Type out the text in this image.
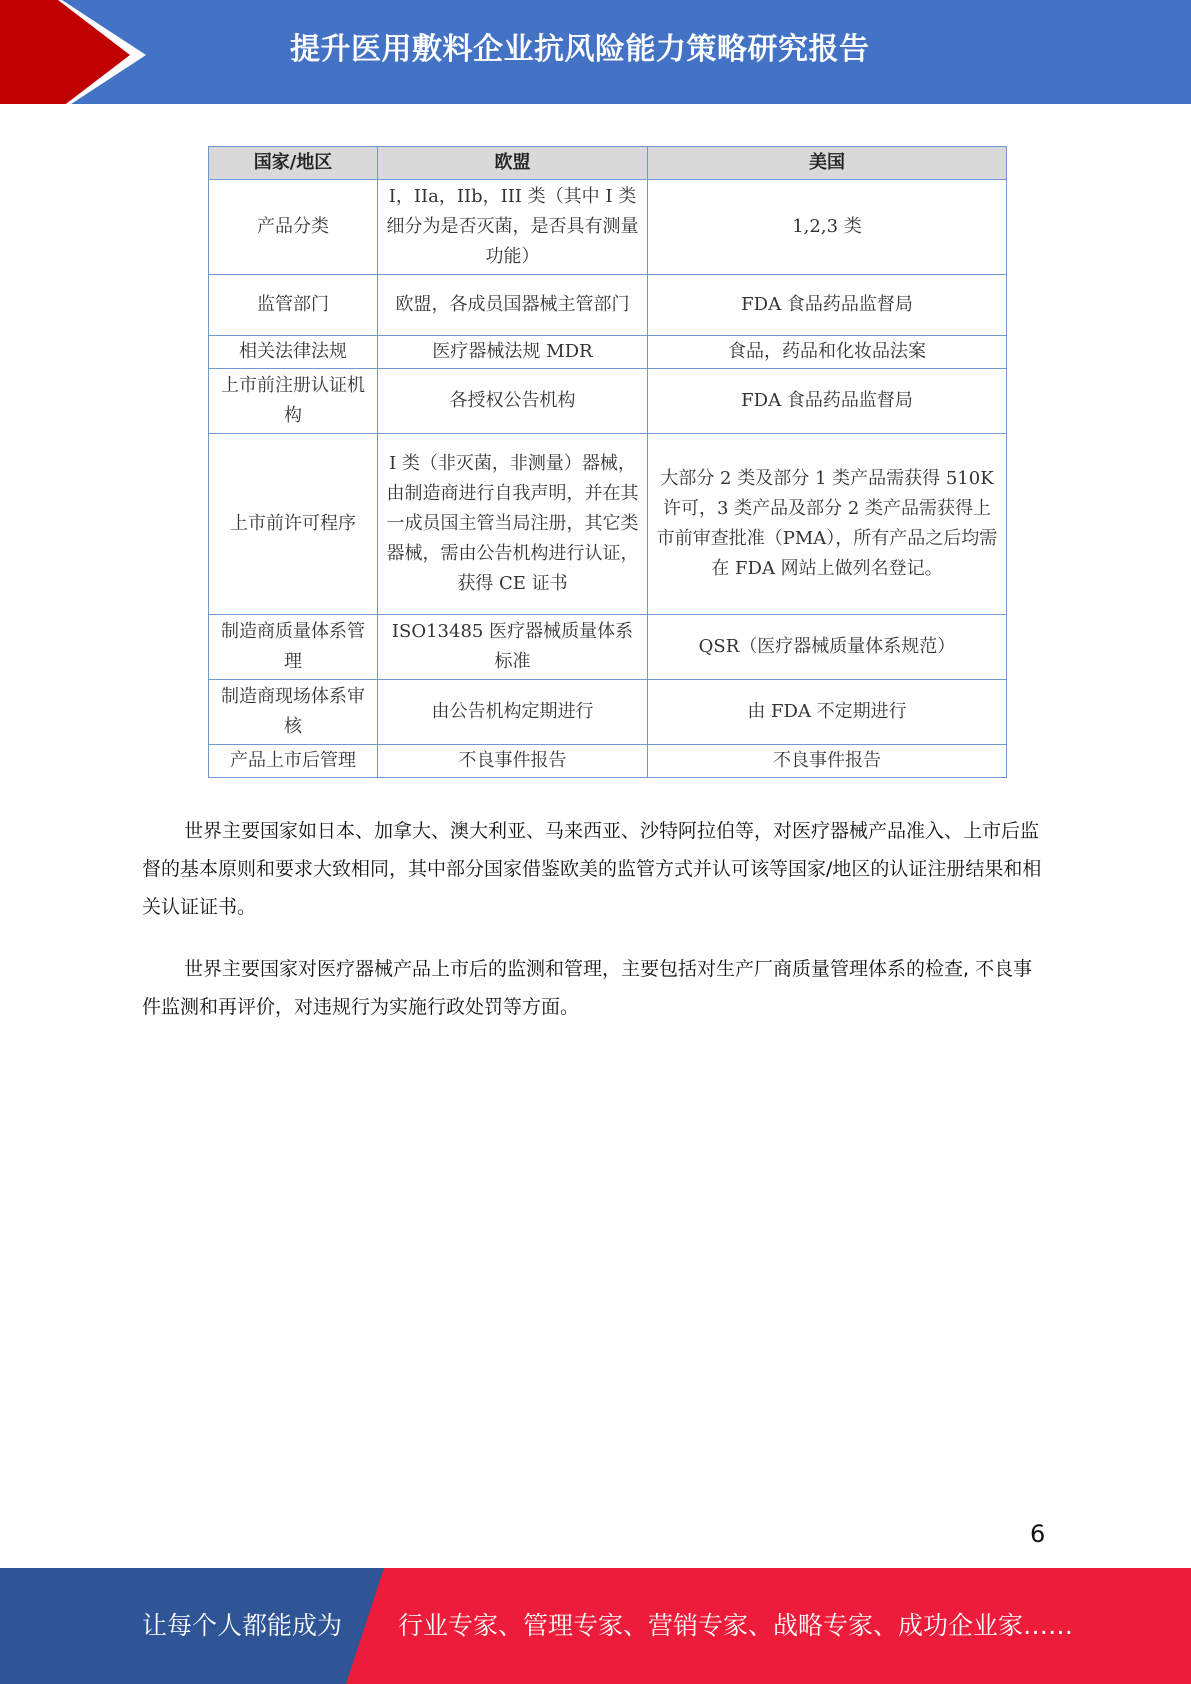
提升医用敷料企业抗风险能力策略研究报告
国家/地区	欧盟	美国
产品分类	I，IIa，IIb，III 类（其中 I 类细分为是否灭菌，是否具有测量功能）	1,2,3 类
监管部门	欧盟，各成员国器械主管部门	FDA 食品药品监督局
相关法律法规	医疗器械法规 MDR	食品，药品和化妆品法案
上市前注册认证机构	各授权公告机构	FDA 食品药品监督局
上市前许可程序	I 类（非灭菌，非测量）器械，由制造商进行自我声明，并在其一成员国主管当局注册，其它类器械，需由公告机构进行认证，获得 CE 证书	大部分 2 类及部分 1 类产品需获得 510K 许可，3 类产品及部分 2 类产品需获得上市前审查批准（PMA），所有产品之后均需在 FDA 网站上做列名登记。
制造商质量体系管理	ISO13485 医疗器械质量体系标准	QSR（医疗器械质量体系规范）
制造商现场体系审核	由公告机构定期进行	由 FDA 不定期进行
产品上市后管理	不良事件报告	不良事件报告

世界主要国家如日本、加拿大、澳大利亚、马来西亚、沙特阿拉伯等，对医疗器械产品准入、上市后监督的基本原则和要求大致相同，其中部分国家借鉴欧美的监管方式并认可该等国家/地区的认证注册结果和相关认证证书。

世界主要国家对医疗器械产品上市后的监测和管理，主要包括对生产厂商质量管理体系的检查, 不良事件监测和再评价，对违规行为实施行政处罚等方面。

6
让每个人都能成为 行业专家、管理专家、营销专家、战略专家、成功企业家……
